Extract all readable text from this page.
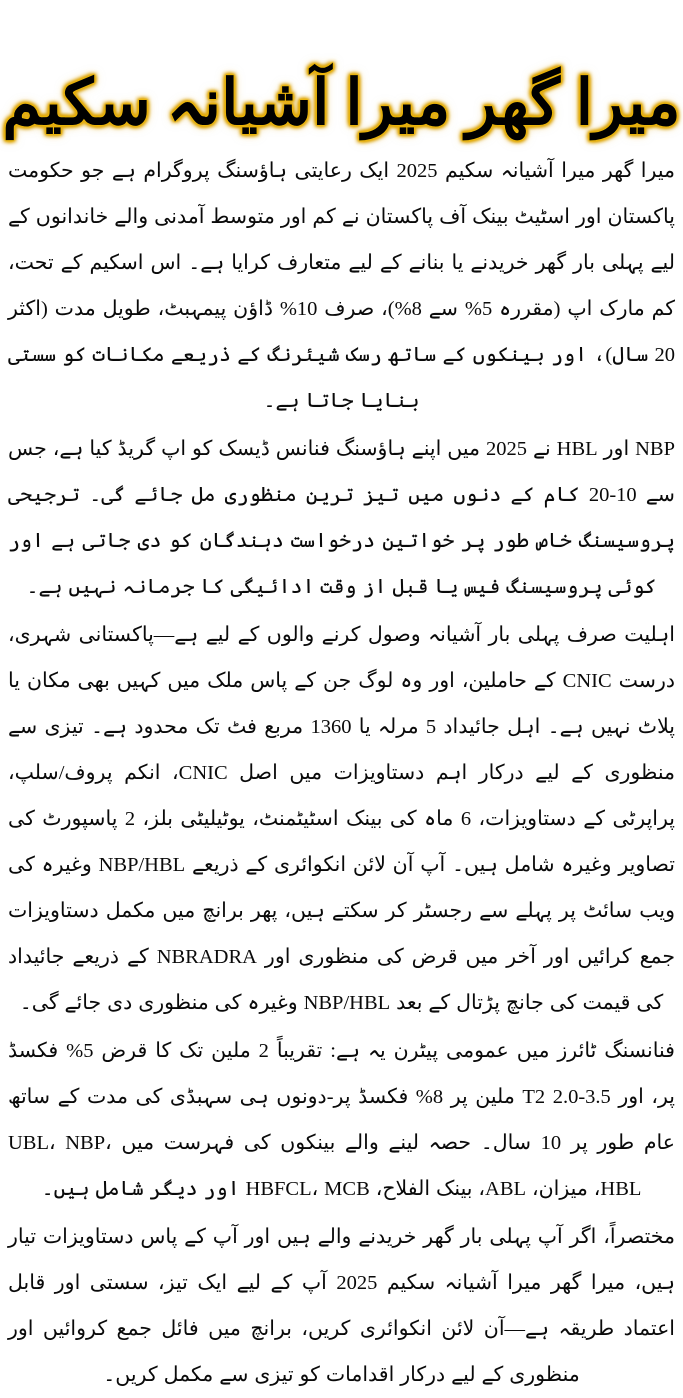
میرا گھر میرا آشیانہ سکیم

میرا گھر میرا آشیانہ سکیم 2025 ایک رعایتی ہاؤسنگ پروگرام ہے جو حکومت پاکستان اور اسٹیٹ بینک آف پاکستان نے کم اور متوسط آمدنی والے خاندانوں کے لیے پہلی بار گھر خریدنے یا بنانے کے لیے متعارف کرایا ہے۔ اس اسکیم کے تحت، کم مارک اپ (مقررہ 5% سے 8%)، صرف 10% ڈاؤن پیمہبٹ، طویل مدت (اکثر 20 سال)، اور بینکوں کے ساتھ رسک شیئرنگ کے ذریعے مکانات کو سستی بنایا جاتا ہے۔

NBP اور HBL نے 2025 میں اپنے ہاؤسنگ فنانس ڈیسک کو اپ گریڈ کیا ہے، جس سے 10-20 کام کے دنوں میں تیز ترین منظوری مل جائے گی۔ ترجیحی پروسیسنگ خاص طور پر خواتین درخواست دہندگان کو دی جاتی ہے اور کوئی پروسیسنگ فیس یا قبل از وقت ادائیگی کا جرمانہ نہیں ہے۔

اہلیت صرف پہلی بار آشیانہ وصول کرنے والوں کے لیے ہے—پاکستانی شہری، درست CNIC کے حاملین، اور وہ لوگ جن کے پاس ملک میں کہیں بھی مکان یا پلاٹ نہیں ہے۔ اہل جائیداد 5 مرلہ یا 1360 مربع فٹ تک محدود ہے۔ تیزی سے منظوری کے لیے درکار اہم دستاویزات میں اصل CNIC، انکم پروف/سلپ، پراپرٹی کے دستاویزات، 6 ماہ کی بینک اسٹیٹمنٹ، یوٹیلیٹی بلز، 2 پاسپورٹ کی تصاویر وغیرہ شامل ہیں۔ آپ آن لائن انکوائری کے ذریعے NBP/HBL وغیرہ کی ویب سائٹ پر پہلے سے رجسٹر کر سکتے ہیں، پھر برانچ میں مکمل دستاویزات جمع کرائیں اور آخر میں قرض کی منظوری اور NBRADRA کے ذریعے جائیداد کی قیمت کی جانچ پڑتال کے بعد NBP/HBL وغیرہ کی منظوری دی جائے گی۔

فنانسنگ ٹائرز میں عمومی پیٹرن یہ ہے: تقریباً 2 ملین تک کا قرض 5% فکسڈ پر، اور T2 2.0-3.5 ملین پر 8% فکسڈ پر-دونوں ہی سہبڈی کی مدت کے ساتھ عام طور پر 10 سال۔ حصہ لینے والے بینکوں کی فہرست میں UBL، NBP، HBL، میزان، ABL، بینک الفلاح، HBFCL، MCB اور دیگر شامل ہیں۔

مختصراً، اگر آپ پہلی بار گھر خریدنے والے ہیں اور آپ کے پاس دستاویزات تیار ہیں، میرا گھر میرا آشیانہ سکیم 2025 آپ کے لیے ایک تیز، سستی اور قابل اعتماد طریقہ ہے—آن لائن انکوائری کریں، برانچ میں فائل جمع کروائیں اور منظوری کے لیے درکار اقدامات کو تیزی سے مکمل کریں۔
